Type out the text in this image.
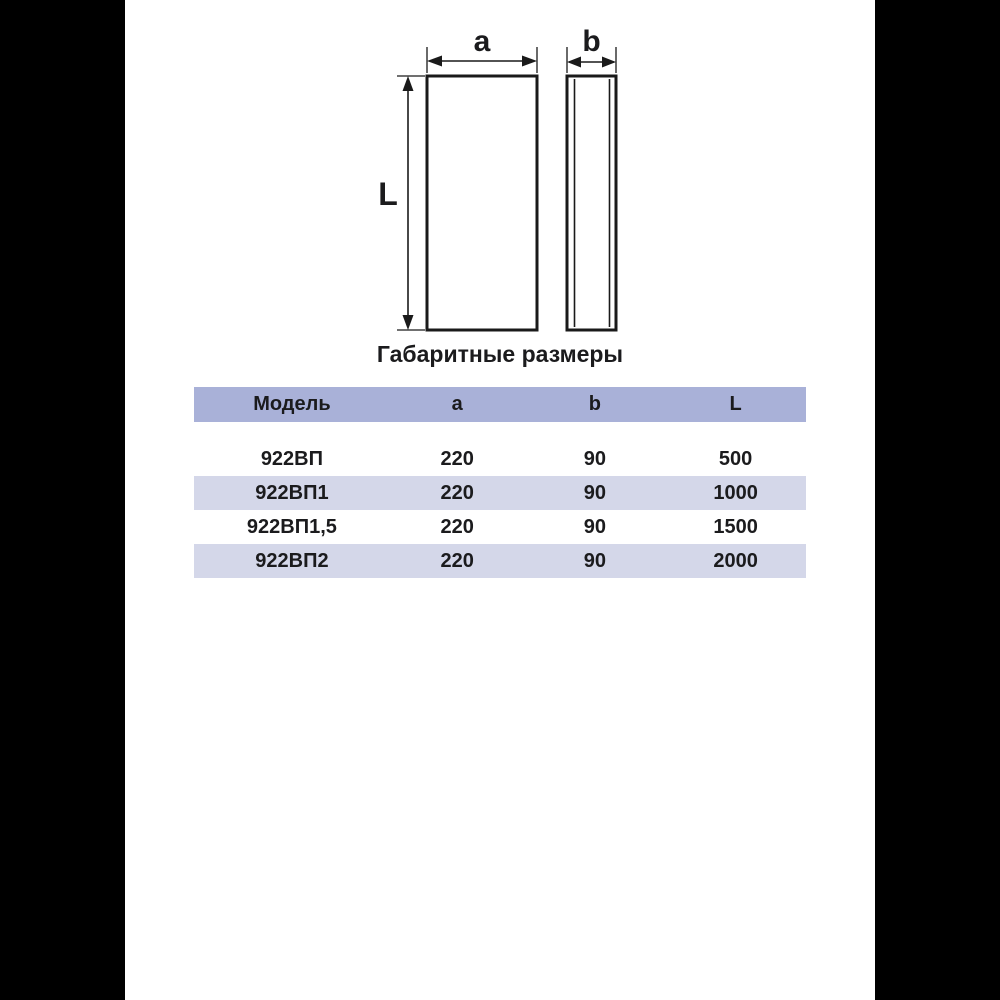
a	b
L
Габаритные размеры
Модель	a	b	L
922ВП	220	90	500
922ВП1	220	90	1000
922ВП1,5	220	90	1500
922ВП2	220	90	2000
